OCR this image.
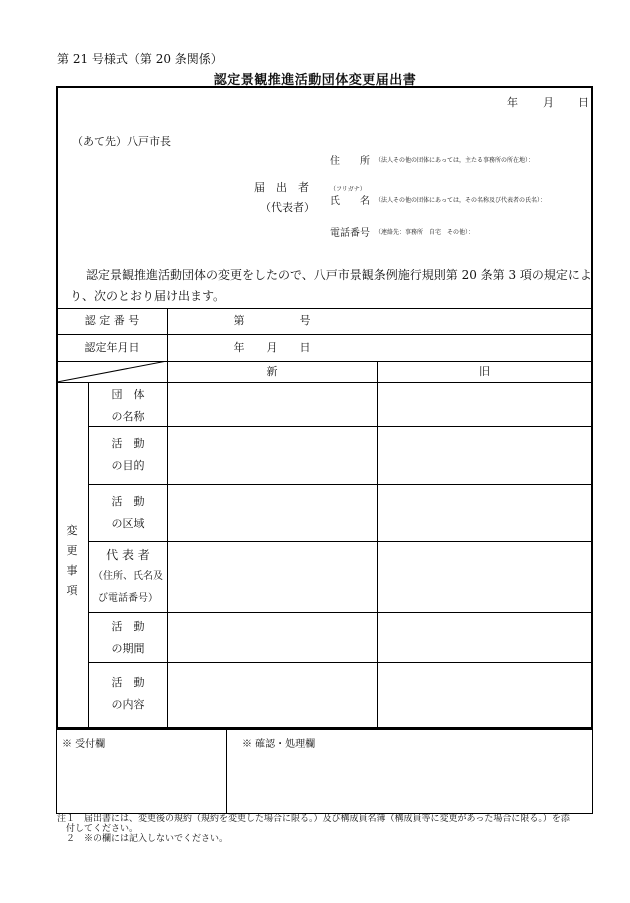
第 21 号様式（第 20 条関係）
認定景観推進活動団体変更届出書
年 月 日
（あて先）八戸市長
届　出　者
（代表者）
住　　所 （法人その他の団体にあっては，主たる事務所の所在地）：
（フリガナ）
氏　　名 （法人その他の団体にあっては，その名称及び代表者の氏名）：
電話番号 （連絡先：事務所　自宅　その他）：
認定景観推進活動団体の変更をしたので、八戸市景観条例施行規則第 20 条第 3 項の規定によ
り、次のとおり届け出ます。
認 定 番 号	第　　　　　号
認定年月日	年　　月　　日
新	旧
変
更
事
項
団　体
の名称
活　動
の目的
活　動
の区域
代 表 者
（住所、氏名及
び電話番号）
活　動
の期間
活　動
の内容
※ 受付欄	※ 確認・処理欄
注１　届出書には、変更後の規約（規約を変更した場合に限る。）及び構成員名簿（構成員等に変更があった場合に限る。）を添
　付してください。
　２　※の欄には記入しないでください。
